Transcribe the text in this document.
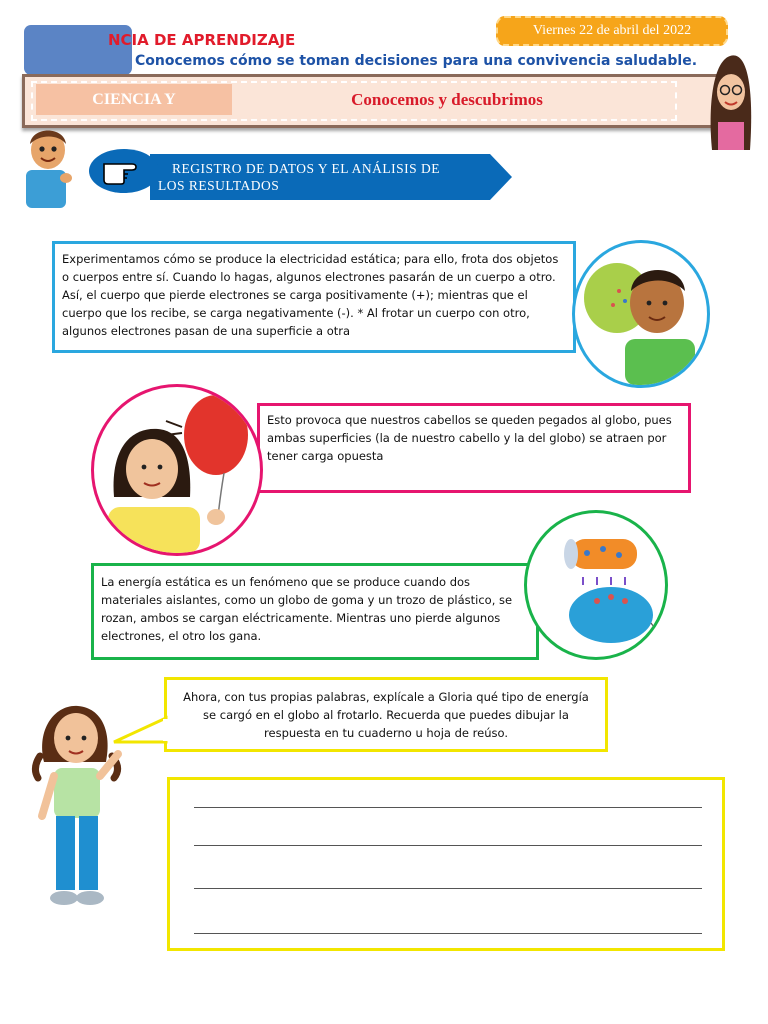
NCIA DE APRENDIZAJE
Conocemos cómo se toman decisiones para una convivencia saludable.
Viernes 22 de abril del 2022
CIENCIA Y	Conocemos y descubrimos
REGISTRO DE DATOS Y EL ANÁLISIS DE
LOS RESULTADOS
Experimentamos cómo se produce la electricidad estática; para ello, frota dos objetos o cuerpos entre sí. Cuando lo hagas, algunos electrones pasarán de un cuerpo a otro. Así, el cuerpo que pierde electrones se carga positivamente (+); mientras que el cuerpo que los recibe, se carga negativamente (-). * Al frotar un cuerpo con otro, algunos electrones pasan de una superficie a otra
Esto provoca que nuestros cabellos se queden pegados al globo, pues ambas superficies (la de nuestro cabello y la del globo) se atraen por tener carga opuesta
La energía estática es un fenómeno que se produce cuando dos materiales aislantes, como un globo de goma y un trozo de plástico, se rozan, ambos se cargan eléctricamente. Mientras uno pierde algunos electrones, el otro los gana.
Ahora, con tus propias palabras, explícale a Gloria qué tipo de energía se cargó en el globo al frotarlo. Recuerda que puedes dibujar la respuesta en tu cuaderno u hoja de reúso.
